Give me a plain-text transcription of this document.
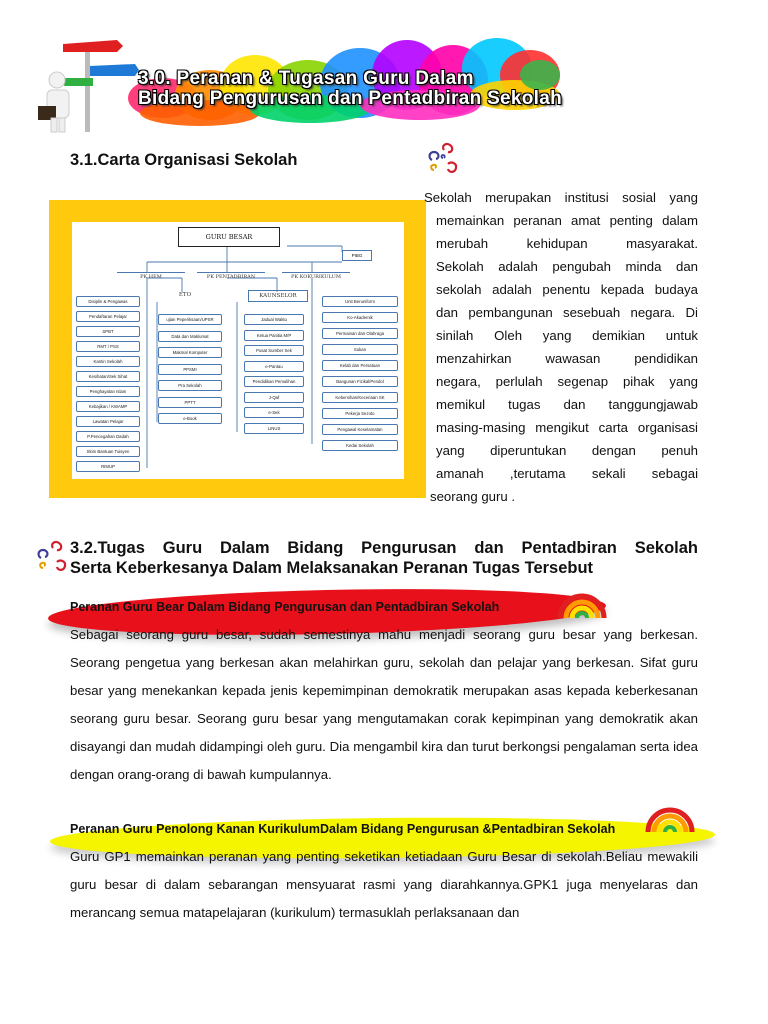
3.0. Peranan & Tugasan Guru Dalam
Bidang Pengurusan dan Pentadbiran Sekolah
3.1.Carta Organisasi Sekolah
GURU BESAR
PIBG
PK HEM	PK PENTADBIRAN	PK KOKURIKULUM
ETO	KAUNSELOR
Disiplin & Pengawas
Pendaftaran Pelajar
SPBT
RMT / PSS
Kantin Sekolah
Kesihatan/Sek Sihat
Penghayatan Islam
Kebajikan / KWAMP
Lawatan Pelajar
P.Pencegahan Dadah
Skim Bantuan Tuisyen
RIMUP
ujian Peperiksaan/UPSR
Data dan Maklumat
Makmal Komputer
PPSMI
Pra Sekolah
PPTT
e-Book
Jadual Waktu
Ketua Panitia M/P
Pusat Sumber Sek
e-Pantau
Pendidikan Pemulihan
J-Qaf
e-Sek
LINUS
Unit Beruniform
Ko-Akademik
Permainan dan Olahraga
Sukan
Kelab dan Persatuan
Bangunan Fizikal/Pendol
Kebersihan/Keceriaan SK
Pekerja Sezoto
Pengawal Keselamatan
Kedai Sekolah
Sekolah merupakan institusi sosial yang
memainkan peranan amat penting dalam
merubah kehidupan masyarakat.
Sekolah adalah pengubah minda dan
sekolah adalah penentu kepada budaya
dan pembangunan sesebuah negara. Di
sinilah Oleh yang demikian untuk
menzahirkan wawasan pendidikan
negara, perlulah segenap pihak yang
memikul tugas dan tanggungjawab
masing-masing mengikut carta organisasi
yang diperuntukan dengan penuh
amanah ,terutama sekali sebagai
seorang guru .
3.2.Tugas Guru Dalam Bidang Pengurusan dan Pentadbiran Sekolah
Serta Keberkesanya Dalam Melaksanakan Peranan Tugas Tersebut
Peranan Guru Bear Dalam Bidang Pengurusan dan Pentadbiran Sekolah
Sebagai seorang guru besar, sudah semestinya mahu menjadi seorang guru besar yang berkesan. Seorang pengetua yang berkesan akan melahirkan guru, sekolah dan pelajar yang berkesan. Sifat guru besar yang menekankan kepada jenis kepemimpinan demokratik merupakan asas kepada keberkesanan seorang guru besar. Seorang guru besar yang mengutamakan corak kepimpinan yang demokratik akan disayangi dan mudah didampingi oleh guru. Dia mengambil kira dan turut berkongsi pengalaman serta idea dengan orang-orang di bawah kumpulannya.
Peranan Guru Penolong Kanan KurikulumDalam Bidang Pengurusan &Pentadbiran Sekolah
Guru GP1 memainkan peranan yang penting seketikan ketiadaan Guru Besar di sekolah.Beliau mewakili guru besar di dalam sebarangan mensyuarat rasmi yang diarahkannya.GPK1 juga menyelaras dan merancang semua matapelajaran (kurikulum) termasuklah perlaksanaan dan
